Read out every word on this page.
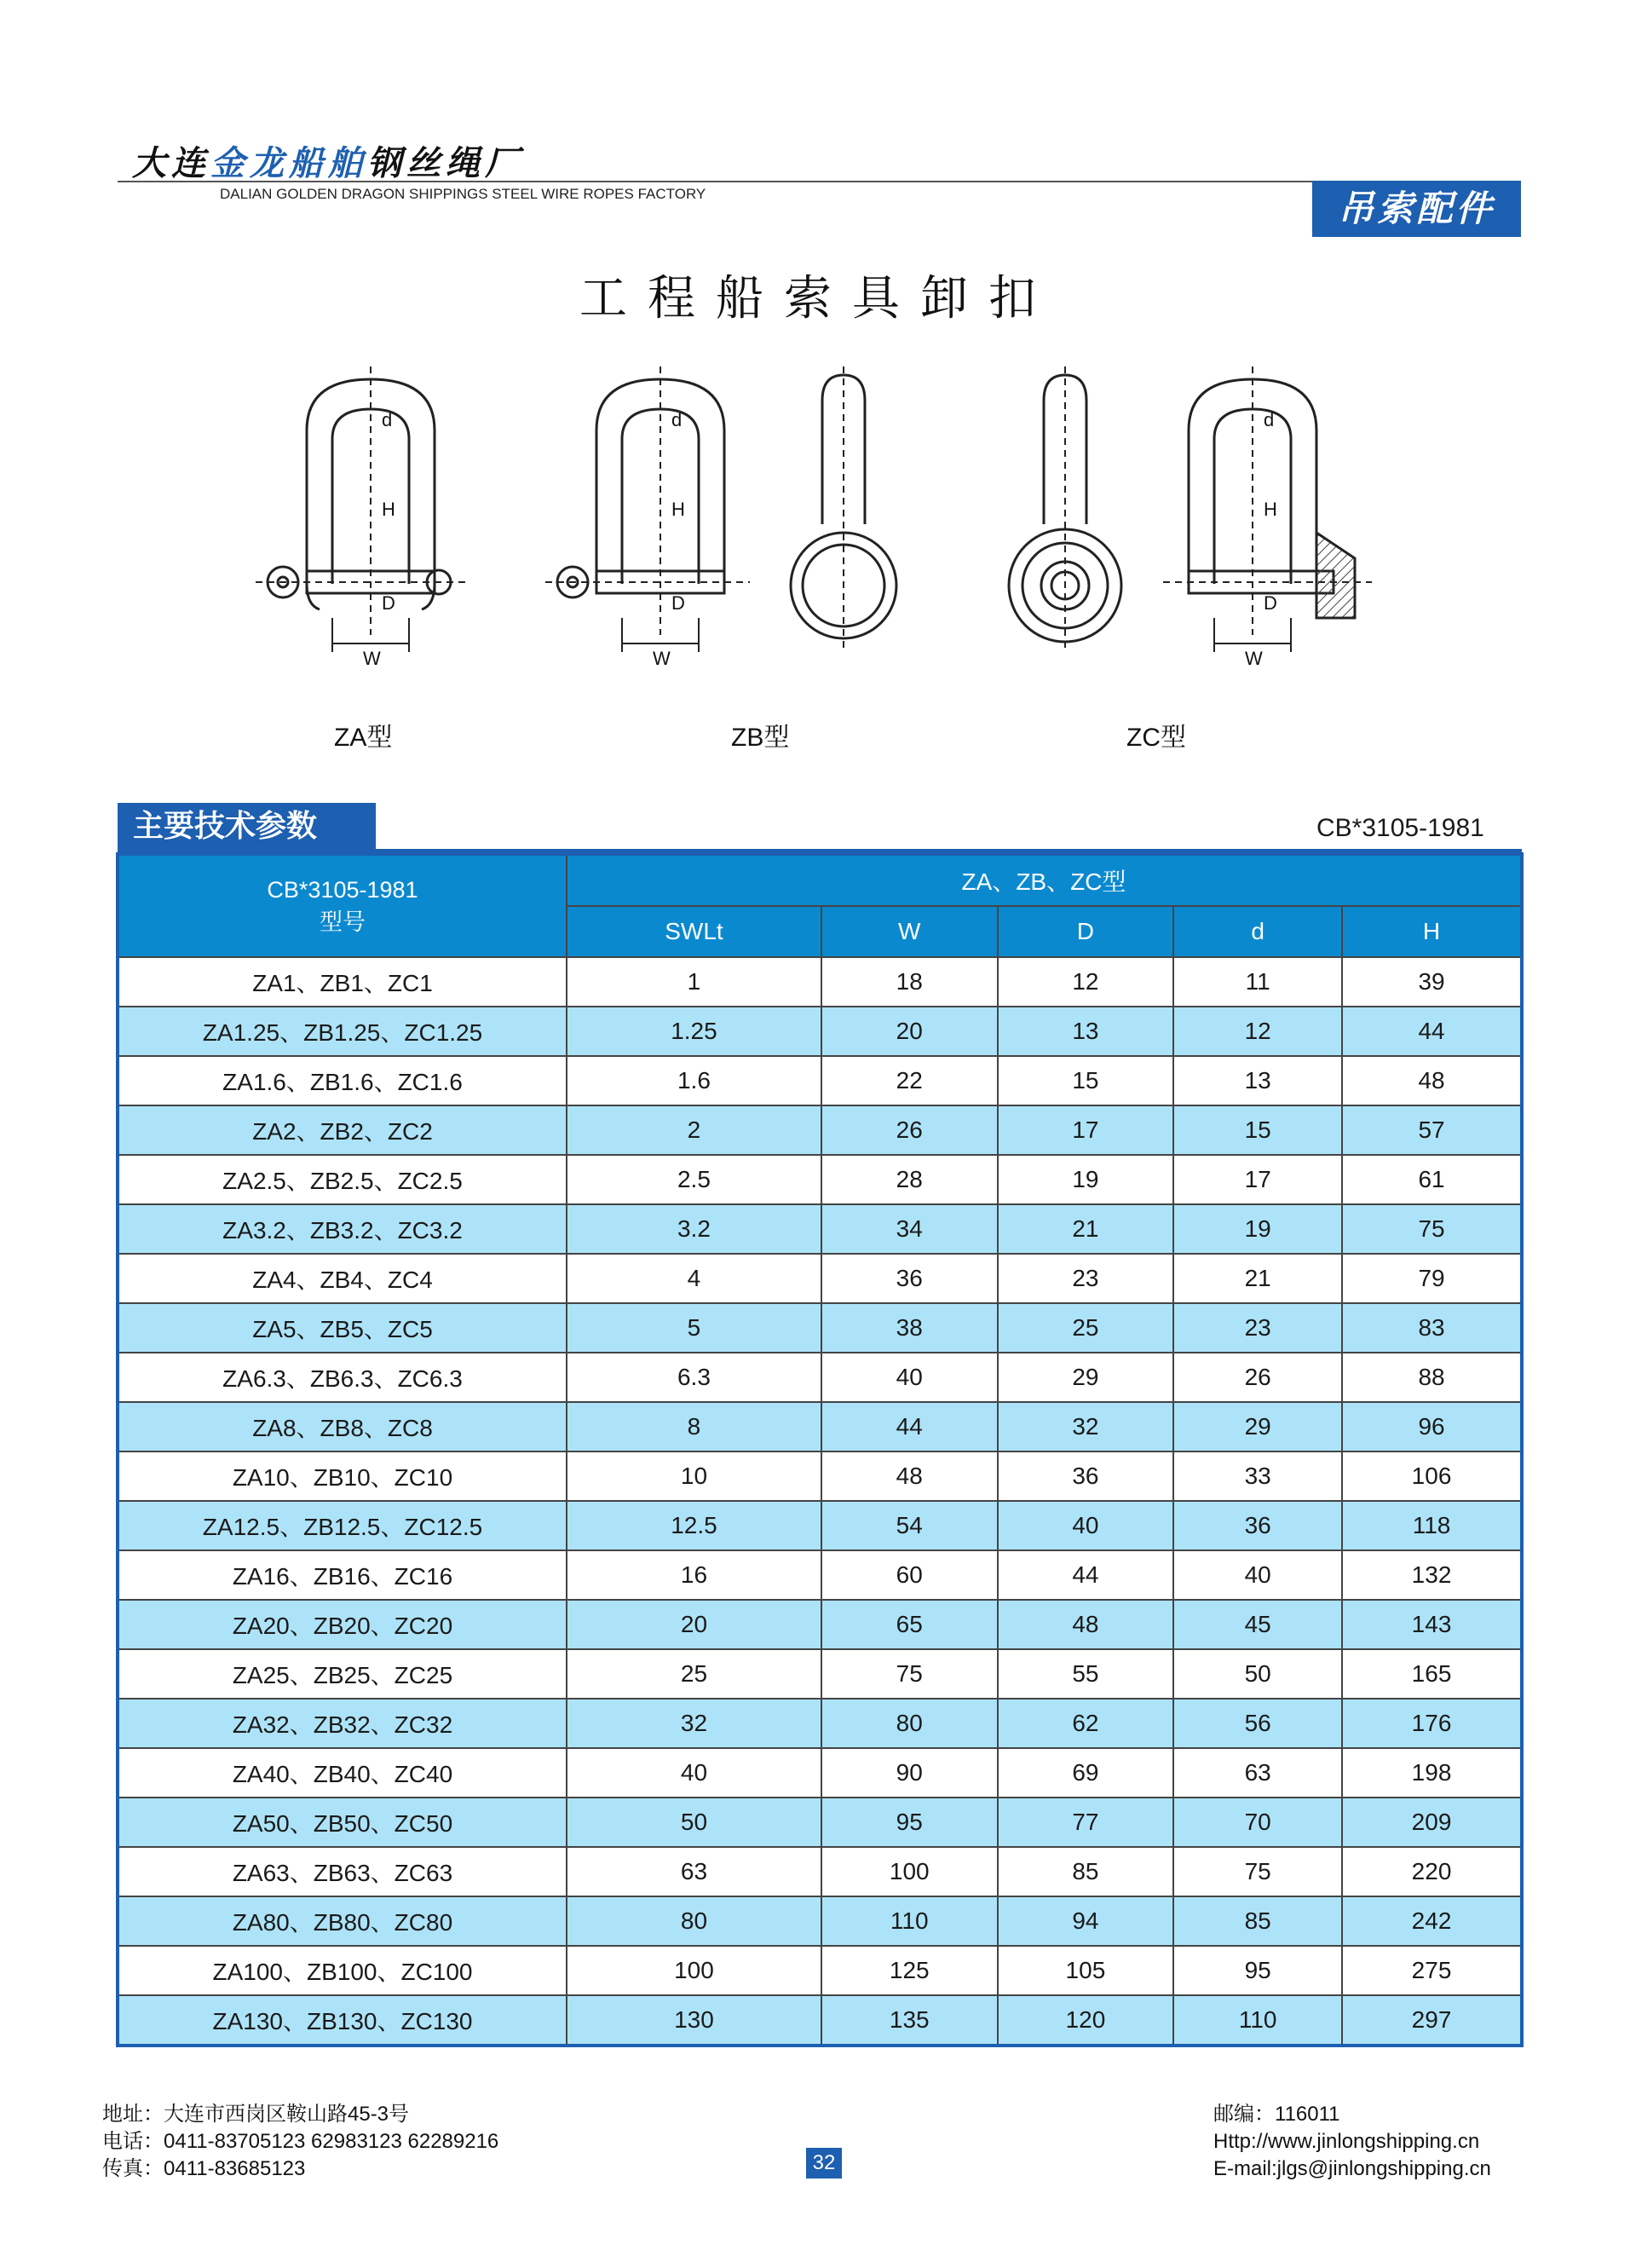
大连金龙船舶钢丝绳厂
DALIAN GOLDEN DRAGON SHIPPINGS STEEL WIRE ROPES FACTORY	吊索配件
工程船索具卸扣
d
H
D
W
d
H
D
W
d
H
D
W
ZA型	ZB型	ZC型
主要技术参数	CB*3105-1981
CB*3105-1981
型号	ZA、ZB、ZC型				
	SWLt	W	D	d	H
ZA1、ZB1、ZC1	1	18	12	11	39
ZA1.25、ZB1.25、ZC1.25	1.25	20	13	12	44
ZA1.6、ZB1.6、ZC1.6	1.6	22	15	13	48
ZA2、ZB2、ZC2	2	26	17	15	57
ZA2.5、ZB2.5、ZC2.5	2.5	28	19	17	61
ZA3.2、ZB3.2、ZC3.2	3.2	34	21	19	75
ZA4、ZB4、ZC4	4	36	23	21	79
ZA5、ZB5、ZC5	5	38	25	23	83
ZA6.3、ZB6.3、ZC6.3	6.3	40	29	26	88
ZA8、ZB8、ZC8	8	44	32	29	96
ZA10、ZB10、ZC10	10	48	36	33	106
ZA12.5、ZB12.5、ZC12.5	12.5	54	40	36	118
ZA16、ZB16、ZC16	16	60	44	40	132
ZA20、ZB20、ZC20	20	65	48	45	143
ZA25、ZB25、ZC25	25	75	55	50	165
ZA32、ZB32、ZC32	32	80	62	56	176
ZA40、ZB40、ZC40	40	90	69	63	198
ZA50、ZB50、ZC50	50	95	77	70	209
ZA63、ZB63、ZC63	63	100	85	75	220
ZA80、ZB80、ZC80	80	110	94	85	242
ZA100、ZB100、ZC100	100	125	105	95	275
ZA130、ZB130、ZC130	130	135	120	110	297
地址：大连市西岗区鞍山路45-3号
电话：0411-83705123 62983123 62289216
传真：0411-83685123	32
邮编：116011
Http://www.jinlongshipping.cn
E-mail:jlgs@jinlongshipping.cn
